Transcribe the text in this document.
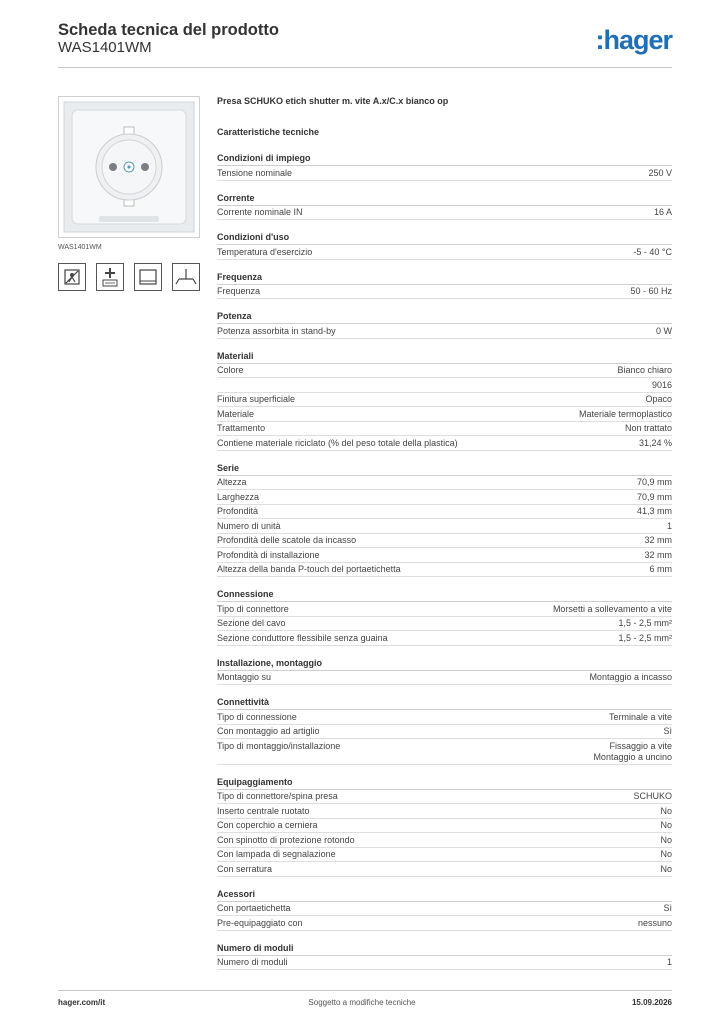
Scheda tecnica del prodotto
WAS1401WM	:hager
WAS1401WM
Presa SCHUKO etich shutter m. vite A.x/C.x bianco op
Caratteristiche tecniche
Condizioni di impiego
Tensione nominale	250 V
Corrente
Corrente nominale IN	16 A
Condizioni d'uso
Temperatura d'esercizio	-5 - 40 °C
Frequenza
Frequenza	50 - 60 Hz
Potenza
Potenza assorbita in stand-by	0 W
Materiali
Colore	Bianco chiaro
9016
Finitura superficiale	Opaco
Materiale	Materiale termoplastico
Trattamento	Non trattato
Contiene materiale riciclato (% del peso totale della plastica)	31,24 %
Serie
Altezza	70,9 mm
Larghezza	70,9 mm
Profondità	41,3 mm
Numero di unità	1
Profondità delle scatole da incasso	32 mm
Profondità di installazione	32 mm
Altezza della banda P-touch del portaetichetta	6 mm
Connessione
Tipo di connettore	Morsetti a sollevamento a vite
Sezione del cavo	1,5 - 2,5 mm²
Sezione conduttore flessibile senza guaina	1,5 - 2,5 mm²
Installazione, montaggio
Montaggio su	Montaggio a incasso
Connettività
Tipo di connessione	Terminale a vite
Con montaggio ad artiglio	Sì
Tipo di montaggio/installazione	Fissaggio a vite
Montaggio a uncino
Equipaggiamento
Tipo di connettore/spina presa	SCHUKO
Inserto centrale ruotato	No
Con coperchio a cerniera	No
Con spinotto di protezione rotondo	No
Con lampada di segnalazione	No
Con serratura	No
Acessori
Con portaetichetta	Sì
Pre-equipaggiato con	nessuno
Numero di moduli
Numero di moduli	1
hager.com/it	Soggetto a modifiche tecniche	15.09.2026
